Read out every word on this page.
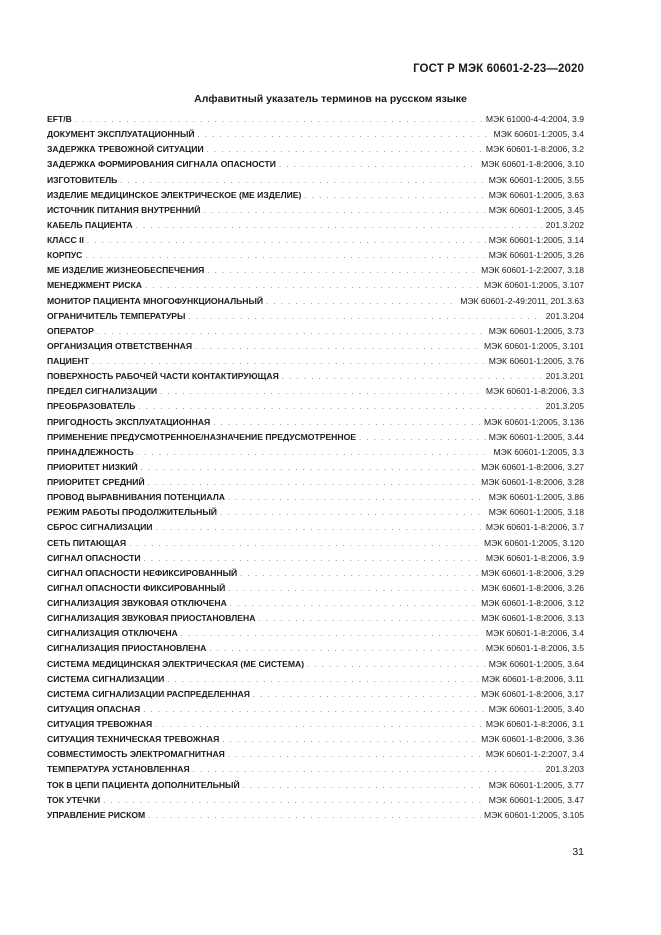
ГОСТ Р МЭК 60601-2-23—2020
Алфавитный указатель терминов на русском языке
EFT/B . . .	МЭК 61000-4-4:2004, 3.9
ДОКУМЕНТ ЭКСПЛУАТАЦИОННЫЙ . . .	МЭК 60601-1:2005, 3.4
ЗАДЕРЖКА ТРЕВОЖНОЙ СИТУАЦИИ . . .	МЭК 60601-1-8:2006, 3.2
ЗАДЕРЖКА ФОРМИРОВАНИЯ СИГНАЛА ОПАСНОСТИ . . .	МЭК 60601-1-8:2006, 3.10
ИЗГОТОВИТЕЛЬ . . .	МЭК 60601-1:2005, 3.55
ИЗДЕЛИЕ МЕДИЦИНСКОЕ ЭЛЕКТРИЧЕСКОЕ (МЕ ИЗДЕЛИЕ) . . .	МЭК 60601-1:2005, 3.63
ИСТОЧНИК ПИТАНИЯ ВНУТРЕННИЙ . . .	МЭК 60601-1:2005, 3.45
КАБЕЛЬ ПАЦИЕНТА . . .	201.3.202
КЛАСС II . . .	МЭК 60601-1:2005, 3.14
КОРПУС . . .	МЭК 60601-1:2005, 3.26
МЕ ИЗДЕЛИЕ ЖИЗНЕОБЕСПЕЧЕНИЯ . . .	МЭК 60601-1-2:2007, 3.18
МЕНЕДЖМЕНТ РИСКА . . .	МЭК 60601-1:2005, 3.107
МОНИТОР ПАЦИЕНТА МНОГОФУНКЦИОНАЛЬНЫЙ . . .	МЭК 60601-2-49:2011, 201.3.63
ОГРАНИЧИТЕЛЬ ТЕМПЕРАТУРЫ . . .	201.3.204
ОПЕРАТОР . . .	МЭК 60601-1:2005, 3.73
ОРГАНИЗАЦИЯ ОТВЕТСТВЕННАЯ . . .	МЭК 60601-1:2005, 3.101
ПАЦИЕНТ . . .	МЭК 60601-1:2005, 3.76
ПОВЕРХНОСТЬ РАБОЧЕЙ ЧАСТИ КОНТАКТИРУЮЩАЯ . . .	201.3.201
ПРЕДЕЛ СИГНАЛИЗАЦИИ . . .	МЭК 60601-1-8:2006, 3.3
ПРЕОБРАЗОВАТЕЛЬ . . .	201.3.205
ПРИГОДНОСТЬ ЭКСПЛУАТАЦИОННАЯ . . .	МЭК 60601-1:2005, 3.136
ПРИМЕНЕНИЕ ПРЕДУСМОТРЕННОЕ/НАЗНАЧЕНИЕ ПРЕДУСМОТРЕННОЕ . . .	МЭК 60601-1:2005, 3.44
ПРИНАДЛЕЖНОСТЬ . . .	МЭК 60601-1:2005, 3.3
ПРИОРИТЕТ НИЗКИЙ . . .	МЭК 60601-1-8:2006, 3.27
ПРИОРИТЕТ СРЕДНИЙ . . .	МЭК 60601-1-8:2006, 3.28
ПРОВОД ВЫРАВНИВАНИЯ ПОТЕНЦИАЛА . . .	МЭК 60601-1:2005, 3.86
РЕЖИМ РАБОТЫ ПРОДОЛЖИТЕЛЬНЫЙ . . .	МЭК 60601-1:2005, 3.18
СБРОС СИГНАЛИЗАЦИИ . . .	МЭК 60601-1-8:2006, 3.7
СЕТЬ ПИТАЮЩАЯ . . .	МЭК 60601-1:2005, 3.120
СИГНАЛ ОПАСНОСТИ . . .	МЭК 60601-1-8:2006, 3.9
СИГНАЛ ОПАСНОСТИ НЕФИКСИРОВАННЫЙ . . .	МЭК 60601-1-8:2006, 3.29
СИГНАЛ ОПАСНОСТИ ФИКСИРОВАННЫЙ . . .	МЭК 60601-1-8:2006, 3.26
СИГНАЛИЗАЦИЯ ЗВУКОВАЯ ОТКЛЮЧЕНА . . .	МЭК 60601-1-8:2006, 3.12
СИГНАЛИЗАЦИЯ ЗВУКОВАЯ ПРИОСТАНОВЛЕНА . . .	МЭК 60601-1-8:2006, 3.13
СИГНАЛИЗАЦИЯ ОТКЛЮЧЕНА . . .	МЭК 60601-1-8:2006, 3.4
СИГНАЛИЗАЦИЯ ПРИОСТАНОВЛЕНА . . .	МЭК 60601-1-8:2006, 3.5
СИСТЕМА МЕДИЦИНСКАЯ ЭЛЕКТРИЧЕСКАЯ (МЕ СИСТЕМА) . . .	МЭК 60601-1:2005, 3.64
СИСТЕМА СИГНАЛИЗАЦИИ . . .	МЭК 60601-1-8:2006, 3.11
СИСТЕМА СИГНАЛИЗАЦИИ РАСПРЕДЕЛЕННАЯ . . .	МЭК 60601-1-8:2006, 3.17
СИТУАЦИЯ ОПАСНАЯ . . .	МЭК 60601-1:2005, 3.40
СИТУАЦИЯ ТРЕВОЖНАЯ . . .	МЭК 60601-1-8:2006, 3.1
СИТУАЦИЯ ТЕХНИЧЕСКАЯ ТРЕВОЖНАЯ . . .	МЭК 60601-1-8:2006, 3.36
СОВМЕСТИМОСТЬ ЭЛЕКТРОМАГНИТНАЯ . . .	МЭК 60601-1-2:2007, 3.4
ТЕМПЕРАТУРА УСТАНОВЛЕННАЯ . . .	201.3.203
ТОК В ЦЕПИ ПАЦИЕНТА ДОПОЛНИТЕЛЬНЫЙ . . .	МЭК 60601-1:2005, 3.77
ТОК УТЕЧКИ . . .	МЭК 60601-1:2005, 3.47
УПРАВЛЕНИЕ РИСКОМ . . .	МЭК 60601-1:2005, 3.105
31
